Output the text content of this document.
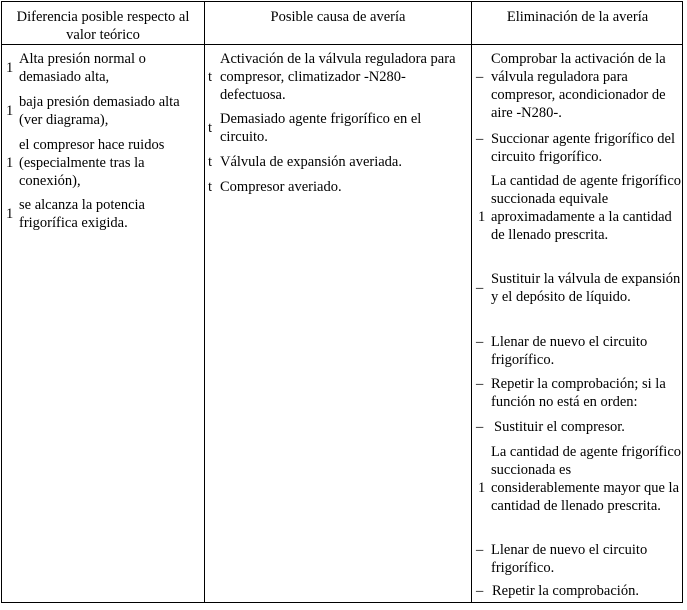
Diferencia posible respecto al valor teórico
Posible causa de avería	Eliminación de la avería
1
Alta presión normal o demasiado alta,
1
baja presión demasiado alta (ver diagrama),
1
el compresor hace ruidos (especialmente tras la conexión),
1
se alcanza la potencia frigorífica exigida.
t
Activación de la válvula reguladora para compresor, climatizador -N280- defectuosa.
t
Demasiado agente frigorífico en el circuito.
t Válvula de expansión averiada.
t Compresor averiado.
–
Comprobar la activación de la válvula reguladora para compresor, acondicionador de aire -N280-.
– Succionar agente frigorífico del circuito frigorífico.
1
La cantidad de agente frigorífico succionada equivale aproximadamente a la cantidad de llenado prescrita.
–
Sustituir la válvula de expansión y el depósito de líquido.
– Llenar de nuevo el circuito frigorífico.
– Repetir la comprobación; si la función no está en orden:
– Sustituir el compresor.
1
La cantidad de agente frigorífico succionada es considerablemente mayor que la cantidad de llenado prescrita.
– Llenar de nuevo el circuito frigorífico.
– Repetir la comprobación.
